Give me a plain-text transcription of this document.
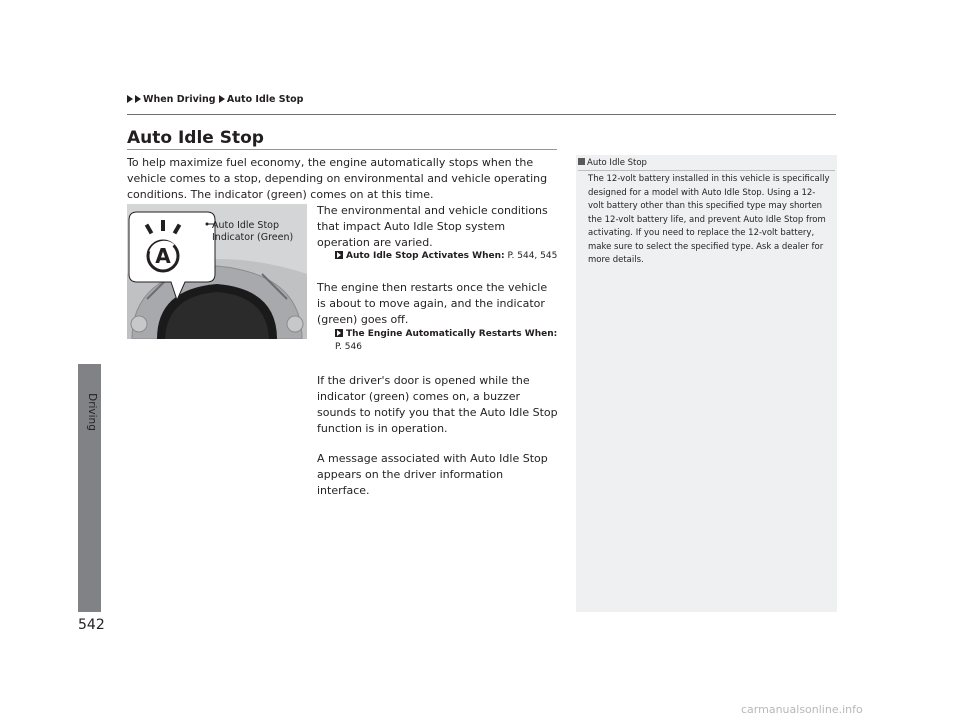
When Driving Auto Idle Stop
Driving
Auto Idle Stop

To help maximize fuel economy, the engine automatically stops when the vehicle comes to a stop, depending on environmental and vehicle operating conditions. The indicator (green) comes on at this time.

A
Auto Idle Stop
Indicator (Green)

The environmental and vehicle conditions that impact Auto Idle Stop system operation are varied.

Auto Idle Stop Activates When: P. 544, 545

The engine then restarts once the vehicle is about to move again, and the indicator (green) goes off.

The Engine Automatically Restarts When:
P. 546

If the driver's door is opened while the indicator (green) comes on, a buzzer sounds to notify you that the Auto Idle Stop function is in operation.

A message associated with Auto Idle Stop appears on the driver information interface.

Auto Idle Stop

The 12-volt battery installed in this vehicle is specifically designed for a model with Auto Idle Stop. Using a 12-volt battery other than this specified type may shorten the 12-volt battery life, and prevent Auto Idle Stop from activating. If you need to replace the 12-volt battery, make sure to select the specified type. Ask a dealer for more details.

542
carmanualsonline.info
